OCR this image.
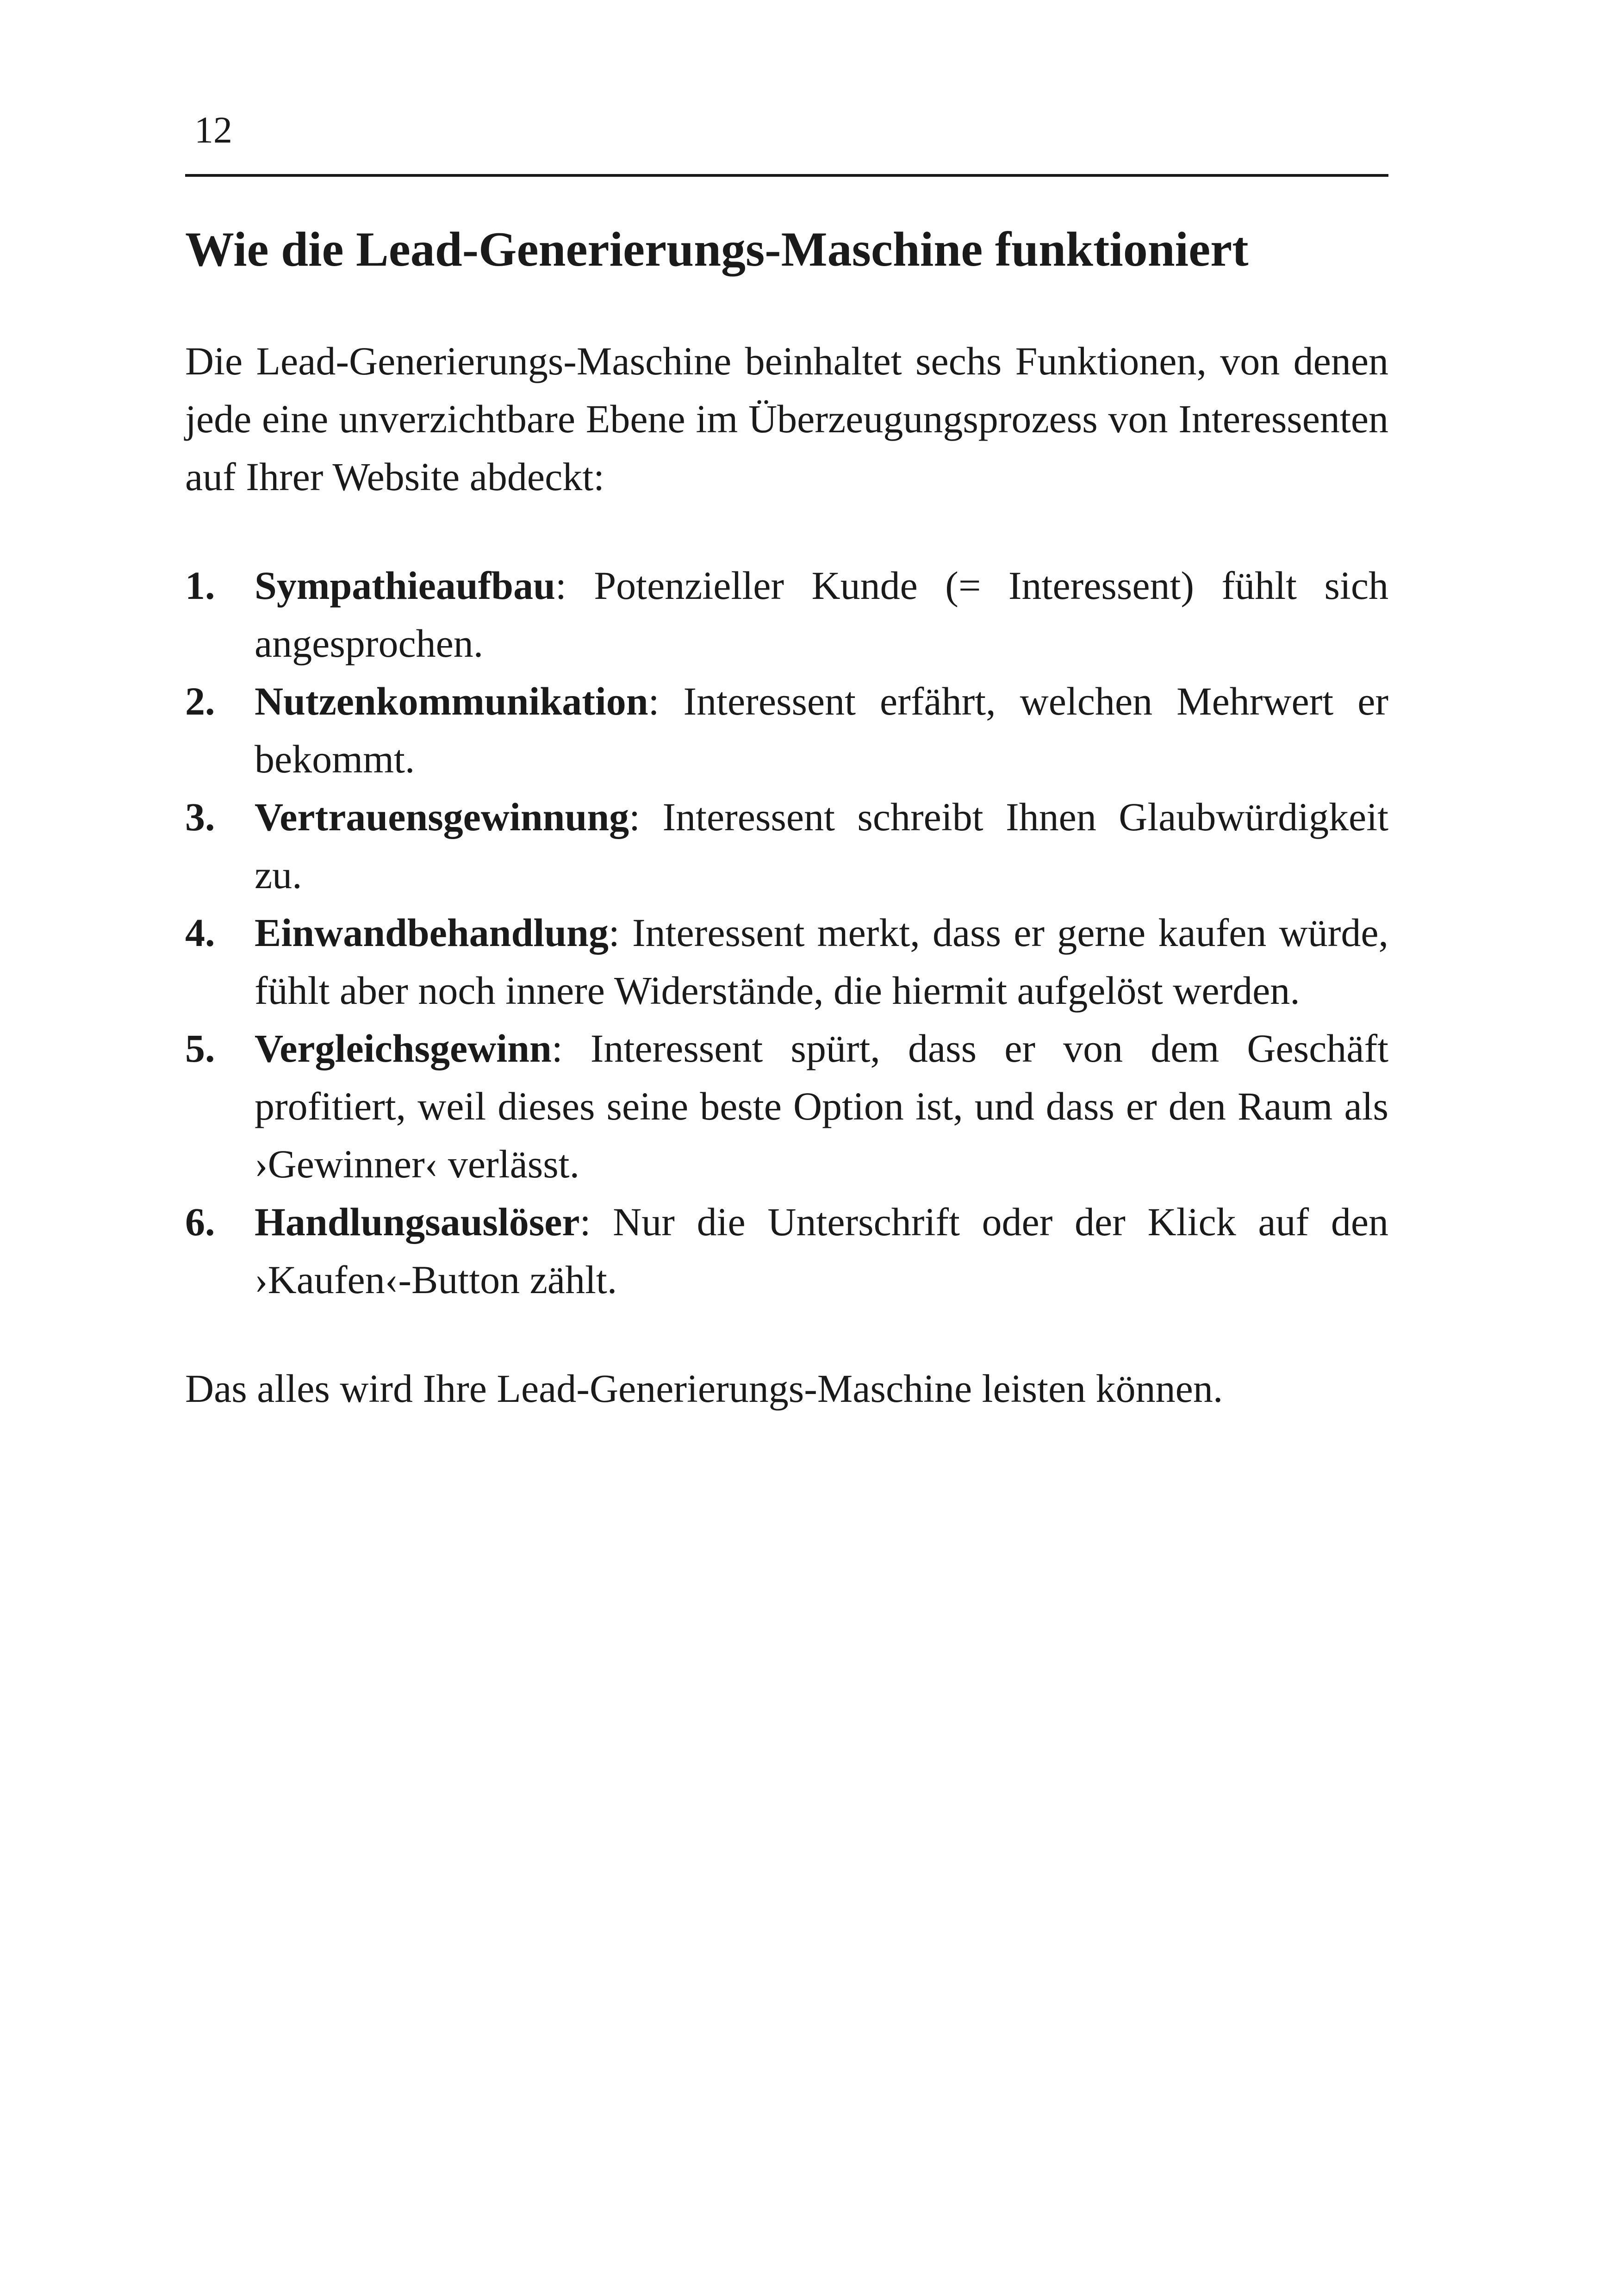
12
Wie die Lead-Generierungs-Maschine funktioniert

Die Lead-Generierungs-Maschine beinhaltet sechs Funktionen, von denen jede eine unverzichtbare Ebene im Überzeugungsprozess von Interessenten auf Ihrer Website abdeckt:

1. Sympathieaufbau: Potenzieller Kunde (= Interessent) fühlt sich angesprochen.
2. Nutzenkommunikation: Interessent erfährt, welchen Mehrwert er bekommt.
3. Vertrauensgewinnung: Interessent schreibt Ihnen Glaubwürdigkeit zu.
4. Einwandbehandlung: Interessent merkt, dass er gerne kaufen würde, fühlt aber noch innere Widerstände, die hiermit aufgelöst werden.
5. Vergleichsgewinn: Interessent spürt, dass er von dem Geschäft profitiert, weil dieses seine beste Option ist, und dass er den Raum als ›Gewinner‹ verlässt.
6. Handlungsauslöser: Nur die Unterschrift oder der Klick auf den ›Kaufen‹-Button zählt.

Das alles wird Ihre Lead-Generierungs-Maschine leisten können.
